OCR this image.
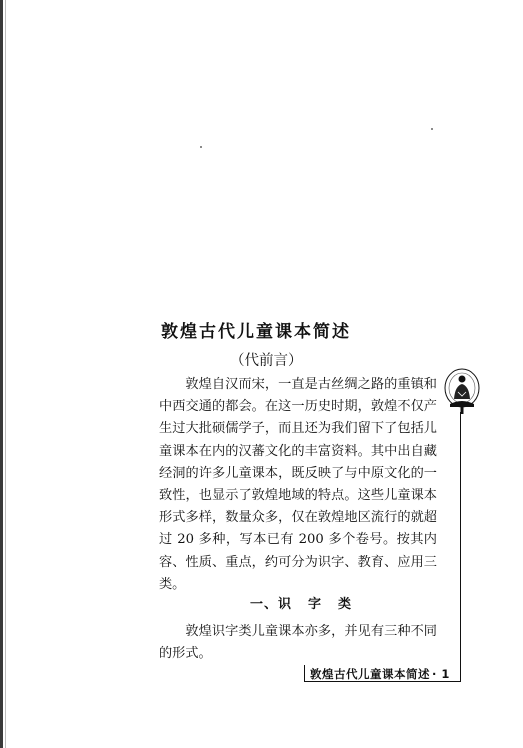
敦煌古代儿童课本简述
（代前言）

敦煌自汉而宋，一直是古丝绸之路的重镇和中西交通的都会。在这一历史时期，敦煌不仅产生过大批硕儒学子，而且还为我们留下了包括儿童课本在内的汉蕃文化的丰富资料。其中出自藏经洞的许多儿童课本，既反映了与中原文化的一致性，也显示了敦煌地域的特点。这些儿童课本形式多样，数量众多，仅在敦煌地区流行的就超过 20 多种，写本已有 200 多个卷号。按其内容、性质、重点，约可分为识字、教育、应用三类。

一、识 字 类

敦煌识字类儿童课本亦多，并见有三种不同的形式。

敦煌古代儿童课本简述 · 1
